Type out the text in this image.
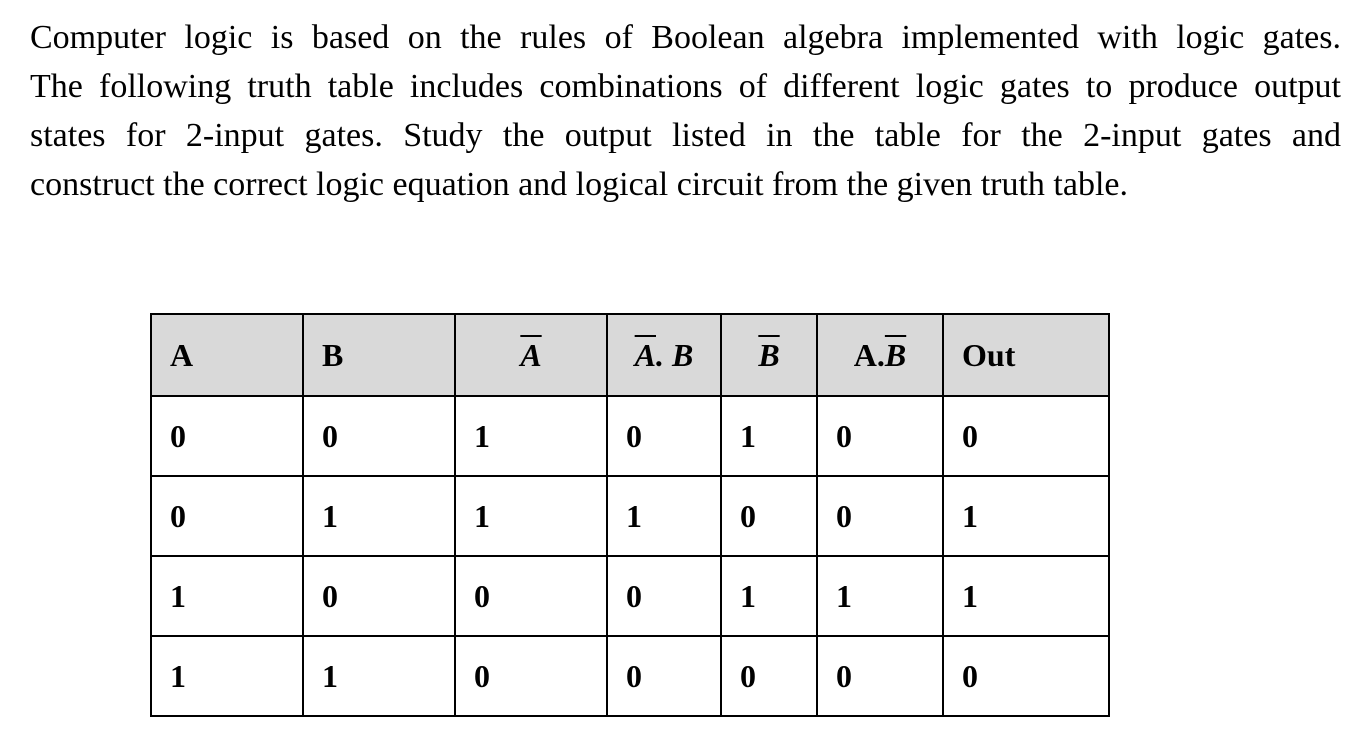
Computer logic is based on the rules of Boolean algebra implemented with logic gates.
The following truth table includes combinations of different logic gates to produce output
states for 2-input gates. Study the output listed in the table for the 2-input gates and
construct the correct logic equation and logical circuit from the given truth table.
A	B	$\overline{A}$	$\overline{A}$. B	$\overline{B}$	$A.\overline{B}$	Out
0	0	1	0	1	0	0
0	1	1	1	0	0	1
1	0	0	0	1	1	1
1	1	0	0	0	0	0
